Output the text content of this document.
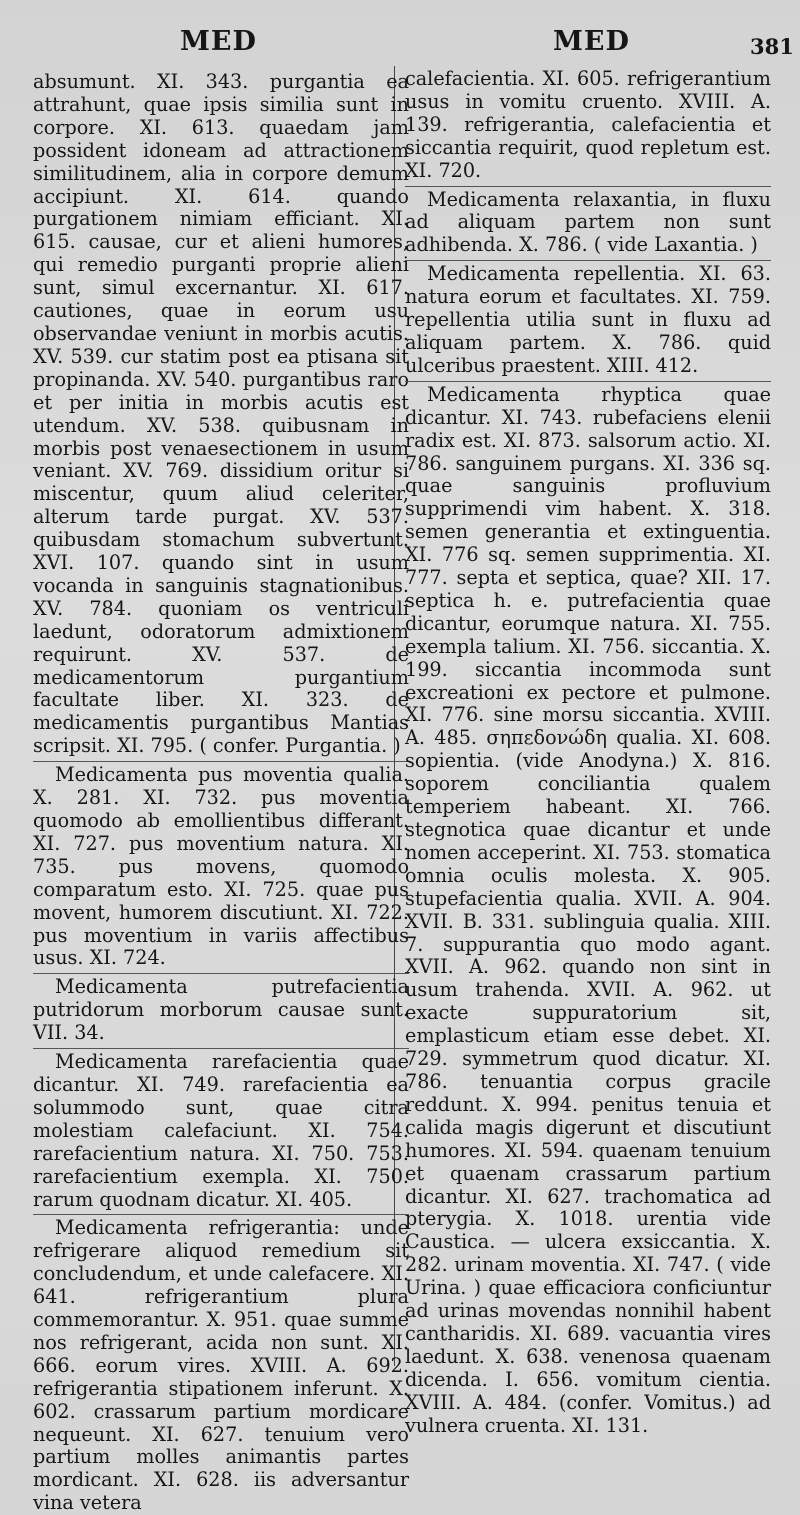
MED	MED	381

absumunt. XI. 343. purgantia ea attrahunt, quae ipsis similia sunt in corpore. XI. 613. quaedam jam possident idoneam ad attractionem similitudinem, alia in corpore demum accipiunt. XI. 614. quando purgationem nimiam efficiant. XI. 615. causae, cur et alieni humores, qui remedio purganti proprie alieni sunt, simul excernantur. XI. 617. cautiones, quae in eorum usu observandae veniunt in morbis acutis. XV. 539. cur statim post ea ptisana sit propinanda. XV. 540. purgantibus raro et per initia in morbis acutis est utendum. XV. 538. quibusnam in morbis post venaesectionem in usum veniant. XV. 769. dissidium oritur si miscentur, quum aliud celeriter, alterum tarde purgat. XV. 537. quibusdam stomachum subvertunt. XVI. 107. quando sint in usum vocanda in sanguinis stagnationibus. XV. 784. quoniam os ventriculi laedunt, odoratorum admixtionem requirunt. XV. 537. de medicamentorum purgantium facultate liber. XI. 323. de medicamentis purgantibus Mantias scripsit. XI. 795. ( confer. Purgantia. )

Medicamenta pus moventia qualia. X. 281. XI. 732. pus moventia quomodo ab emollientibus differant. XI. 727. pus moventium natura. XI. 735. pus movens, quomodo comparatum esto. XI. 725. quae pus movent, humorem discutiunt. XI. 722. pus moventium in variis affectibus usus. XI. 724.

Medicamenta putrefacientia putridorum morborum causae sunt. VII. 34.

Medicamenta rarefacientia quae dicantur. XI. 749. rarefacientia ea solummodo sunt, quae citra molestiam calefaciunt. XI. 754. rarefacientium natura. XI. 750. 753. rarefacientium exempla. XI. 750. rarum quodnam dicatur. XI. 405.

Medicamenta refrigerantia: unde refrigerare aliquod remedium sit concludendum, et unde calefacere. XI. 641. refrigerantium plura commemorantur. X. 951. quae summe nos refrigerant, acida non sunt. XI. 666. eorum vires. XVIII. A. 692. refrigerantia stipationem inferunt. X. 602. crassarum partium mordicare nequeunt. XI. 627. tenuium vero partium molles animantis partes mordicant. XI. 628. iis adversantur vina vetera

calefacientia. XI. 605. refrigerantium usus in vomitu cruento. XVIII. A. 139. refrigerantia, calefacientia et siccantia requirit, quod repletum est. XI. 720.

Medicamenta relaxantia, in fluxu ad aliquam partem non sunt adhibenda. X. 786. ( vide Laxantia. )

Medicamenta repellentia. XI. 63. natura eorum et facultates. XI. 759. repellentia utilia sunt in fluxu ad aliquam partem. X. 786. quid ulceribus praestent. XIII. 412.

Medicamenta rhyptica quae dicantur. XI. 743. rubefaciens elenii radix est. XI. 873. salsorum actio. XI. 786. sanguinem purgans. XI. 336 sq. quae sanguinis profluvium supprimendi vim habent. X. 318. semen generantia et extinguentia. XI. 776 sq. semen supprimentia. XI. 777. septa et septica, quae? XII. 17. septica h. e. putrefacientia quae dicantur, eorumque natura. XI. 755. exempla talium. XI. 756. siccantia. X. 199. siccantia incommoda sunt excreationi ex pectore et pulmone. XI. 776. sine morsu siccantia. XVIII. A. 485. σηπεδονώδη qualia. XI. 608. sopientia. (vide Anodyna.) X. 816. soporem conciliantia qualem temperiem habeant. XI. 766. stegnotica quae dicantur et unde nomen acceperint. XI. 753. stomatica omnia oculis molesta. X. 905. stupefacientia qualia. XVII. A. 904. XVII. B. 331. sublinguia qualia. XIII. 7. suppurantia quo modo agant. XVII. A. 962. quando non sint in usum trahenda. XVII. A. 962. ut exacte suppuratorium sit, emplasticum etiam esse debet. XI. 729. symmetrum quod dicatur. XI. 786. tenuantia corpus gracile reddunt. X. 994. penitus tenuia et calida magis digerunt et discutiunt humores. XI. 594. quaenam tenuium et quaenam crassarum partium dicantur. XI. 627. trachomatica ad pterygia. X. 1018. urentia vide Caustica. — ulcera exsiccantia. X. 282. urinam moventia. XI. 747. ( vide Urina. ) quae efficaciora conficiuntur ad urinas movendas nonnihil habent cantharidis. XI. 689. vacuantia vires laedunt. X. 638. venenosa quaenam dicenda. I. 656. vomitum cientia. XVIII. A. 484. (confer. Vomitus.) ad vulnera cruenta. XI. 131.
